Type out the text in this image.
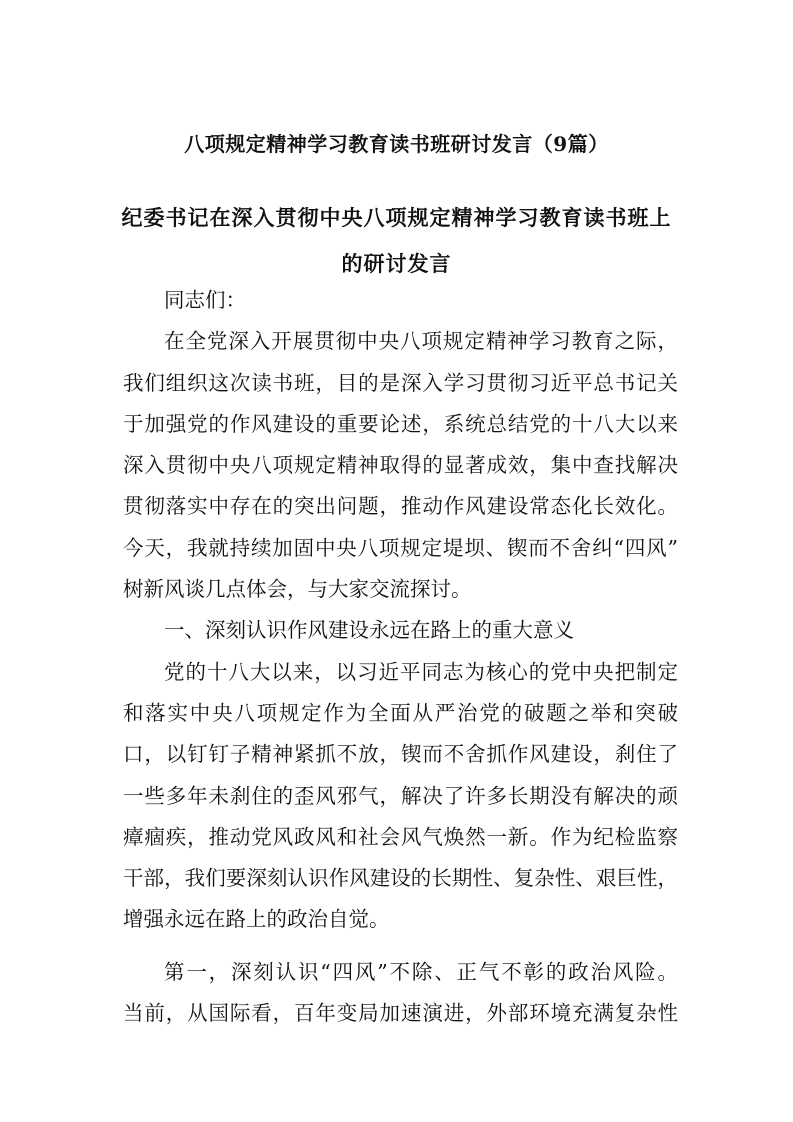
八项规定精神学习教育读书班研讨发言（9篇）
纪委书记在深入贯彻中央八项规定精神学习教育读书班上
的研讨发言
同志们：
在全党深入开展贯彻中央八项规定精神学习教育之际，
我们组织这次读书班，目的是深入学习贯彻习近平总书记关
于加强党的作风建设的重要论述，系统总结党的十八大以来
深入贯彻中央八项规定精神取得的显著成效，集中查找解决
贯彻落实中存在的突出问题，推动作风建设常态化长效化。
今天，我就持续加固中央八项规定堤坝、锲而不舍纠“四风”
树新风谈几点体会，与大家交流探讨。
一、深刻认识作风建设永远在路上的重大意义
党的十八大以来，以习近平同志为核心的党中央把制定
和落实中央八项规定作为全面从严治党的破题之举和突破
口，以钉钉子精神紧抓不放，锲而不舍抓作风建设，刹住了
一些多年未刹住的歪风邪气，解决了许多长期没有解决的顽
瘴痼疾，推动党风政风和社会风气焕然一新。作为纪检监察
干部，我们要深刻认识作风建设的长期性、复杂性、艰巨性，
增强永远在路上的政治自觉。
第一，深刻认识“四风”不除、正气不彰的政治风险。
当前，从国际看，百年变局加速演进，外部环境充满复杂性
